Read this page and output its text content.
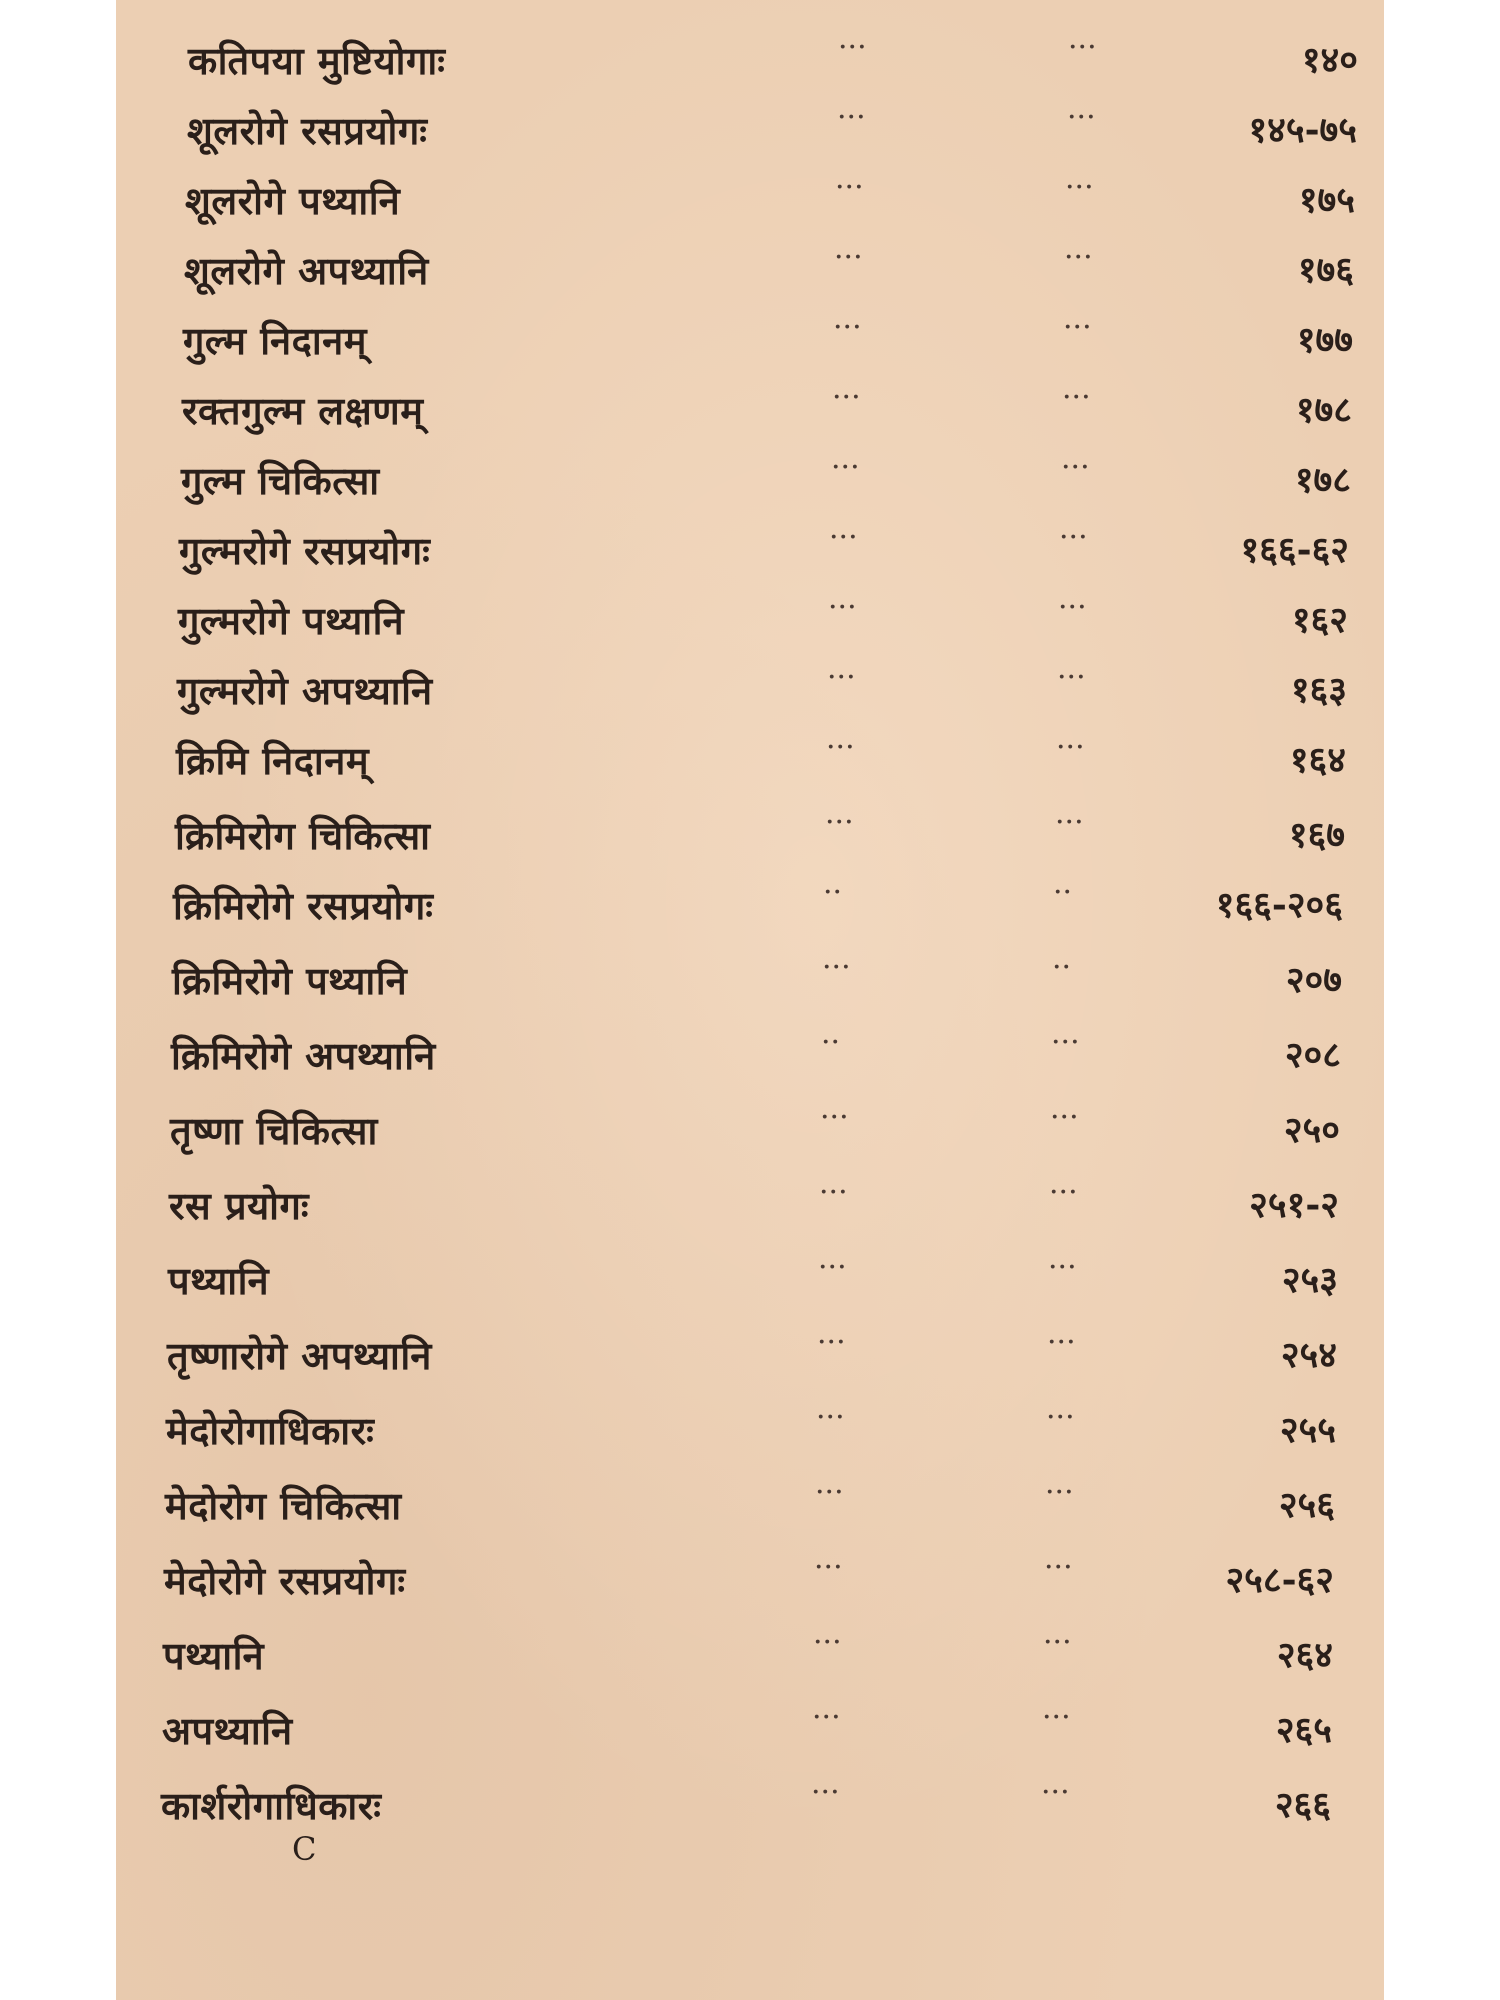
कतिपया मुष्टियोगाः	···	···	१४०
शूलरोगे रसप्रयोगः	···	···	१४५-७५
शूलरोगे पथ्यानि	···	···	१७५
शूलरोगे अपथ्यानि	···	···	१७६
गुल्म निदानम्	···	···	१७७
रक्तगुल्म लक्षणम्	···	···	१७८
गुल्म चिकित्सा	···	···	१७८
गुल्मरोगे रसप्रयोगः	···	···	१६६-६२
गुल्मरोगे पथ्यानि	···	···	१६२
गुल्मरोगे अपथ्यानि	···	···	१६३
क्रिमि निदानम्	···	···	१६४
क्रिमिरोग चिकित्सा	···	···	१६७
क्रिमिरोगे रसप्रयोगः	··	··	१६६-२०६
क्रिमिरोगे पथ्यानि	···	··	२०७
क्रिमिरोगे अपथ्यानि	··	···	२०८
तृष्णा चिकित्सा	···	···	२५०
रस प्रयोगः	···	···	२५१-२
पथ्यानि	···	···	२५३
तृष्णारोगे अपथ्यानि	···	···	२५४
मेदोरोगाधिकारः	···	···	२५५
मेदोरोग चिकित्सा	···	···	२५६
मेदोरोगे रसप्रयोगः	···	···	२५८-६२
पथ्यानि	···	···	२६४
अपथ्यानि	···	···	२६५
कार्शरोगाधिकारः	···	···	२६६
C
